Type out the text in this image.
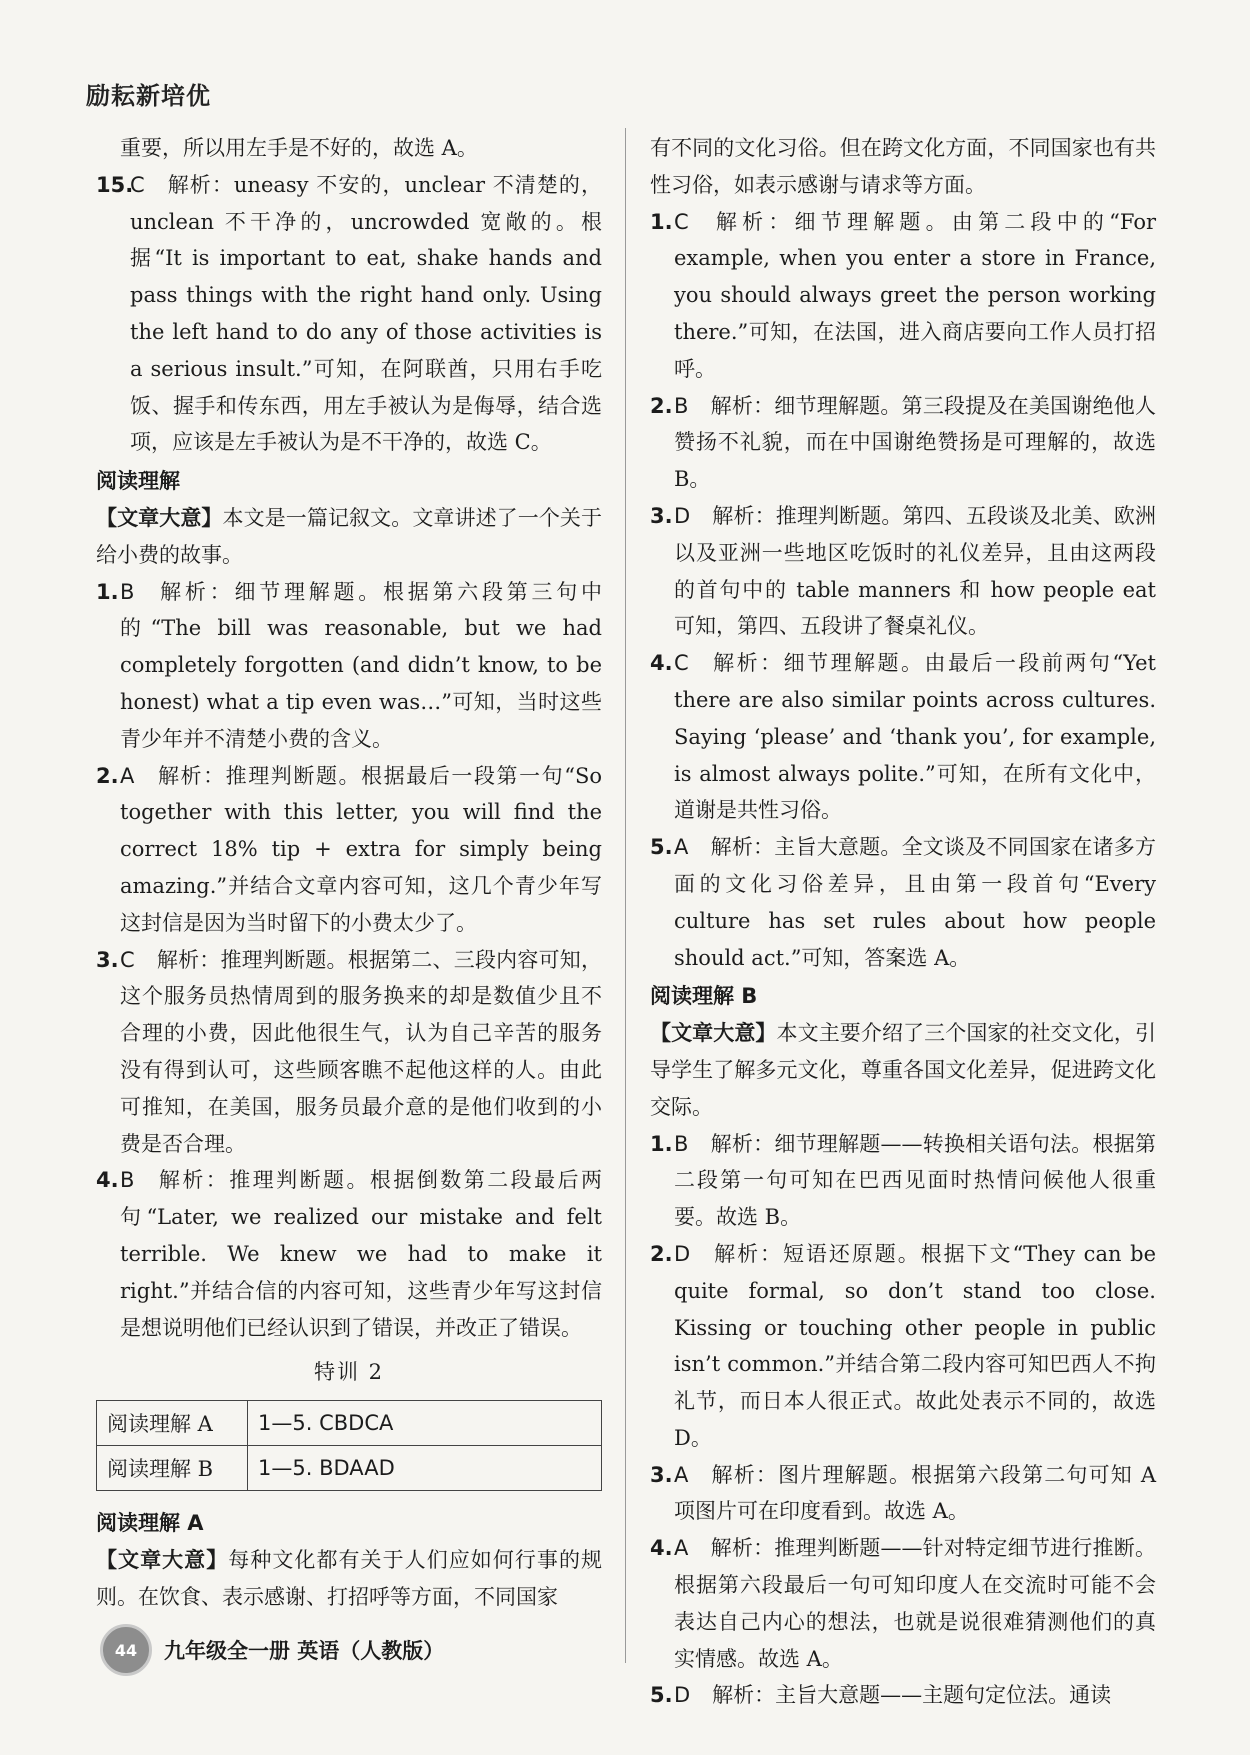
励耘新培优

重要，所以用左手是不好的，故选 A。

15.
C 解析：uneasy 不安的，unclear 不清楚的，unclean 不干净的，uncrowded 宽敞的。根据“It is important to eat, shake hands and pass things with the right hand only. Using the left hand to do any of those activities is a serious insult.”可知，在阿联酋，只用右手吃饭、握手和传东西，用左手被认为是侮辱，结合选项，应该是左手被认为是不干净的，故选 C。

阅读理解

【文章大意】本文是一篇记叙文。文章讲述了一个关于给小费的故事。

1. B 解析：细节理解题。根据第六段第三句中的“The bill was reasonable, but we had completely forgotten (and didn’t know, to be honest) what a tip even was…”可知，当时这些青少年并不清楚小费的含义。

2. A 解析：推理判断题。根据最后一段第一句“So together with this letter, you will find the correct 18% tip + extra for simply being amazing.”并结合文章内容可知，这几个青少年写这封信是因为当时留下的小费太少了。

3. C 解析：推理判断题。根据第二、三段内容可知，这个服务员热情周到的服务换来的却是数值少且不合理的小费，因此他很生气，认为自己辛苦的服务没有得到认可，这些顾客瞧不起他这样的人。由此可推知，在美国，服务员最介意的是他们收到的小费是否合理。

4. B 解析：推理判断题。根据倒数第二段最后两句“Later, we realized our mistake and felt terrible. We knew we had to make it right.”并结合信的内容可知，这些青少年写这封信是想说明他们已经认识到了错误，并改正了错误。

特训 2
阅读理解 A	1—5. CBDCA
阅读理解 B	1—5. BDAAD
阅读理解 A

【文章大意】每种文化都有关于人们应如何行事的规则。在饮食、表示感谢、打招呼等方面，不同国家

有不同的文化习俗。但在跨文化方面，不同国家也有共性习俗，如表示感谢与请求等方面。

1. C 解析：细节理解题。由第二段中的“For example, when you enter a store in France, you should always greet the person working there.”可知，在法国，进入商店要向工作人员打招呼。

2. B 解析：细节理解题。第三段提及在美国谢绝他人赞扬不礼貌，而在中国谢绝赞扬是可理解的，故选 B。

3. D 解析：推理判断题。第四、五段谈及北美、欧洲以及亚洲一些地区吃饭时的礼仪差异，且由这两段的首句中的 table manners 和 how people eat 可知，第四、五段讲了餐桌礼仪。

4. C 解析：细节理解题。由最后一段前两句“Yet there are also similar points across cultures. Saying ‘please’ and ‘thank you’, for example, is almost always polite.”可知，在所有文化中，道谢是共性习俗。

5. A 解析：主旨大意题。全文谈及不同国家在诸多方面的文化习俗差异，且由第一段首句“Every culture has set rules about how people should act.”可知，答案选 A。

阅读理解 B

【文章大意】本文主要介绍了三个国家的社交文化，引导学生了解多元文化，尊重各国文化差异，促进跨文化交际。

1. B 解析：细节理解题——转换相关语句法。根据第二段第一句可知在巴西见面时热情问候他人很重要。故选 B。

2. D 解析：短语还原题。根据下文“They can be quite formal, so don’t stand too close. Kissing or touching other people in public isn’t common.”并结合第二段内容可知巴西人不拘礼节，而日本人很正式。故此处表示不同的，故选 D。

3. A 解析：图片理解题。根据第六段第二句可知 A 项图片可在印度看到。故选 A。

4. A 解析：推理判断题——针对特定细节进行推断。根据第六段最后一句可知印度人在交流时可能不会表达自己内心的想法，也就是说很难猜测他们的真实情感。故选 A。

5. D 解析：主旨大意题——主题句定位法。通读

44	九年级全一册 英语（人教版）
